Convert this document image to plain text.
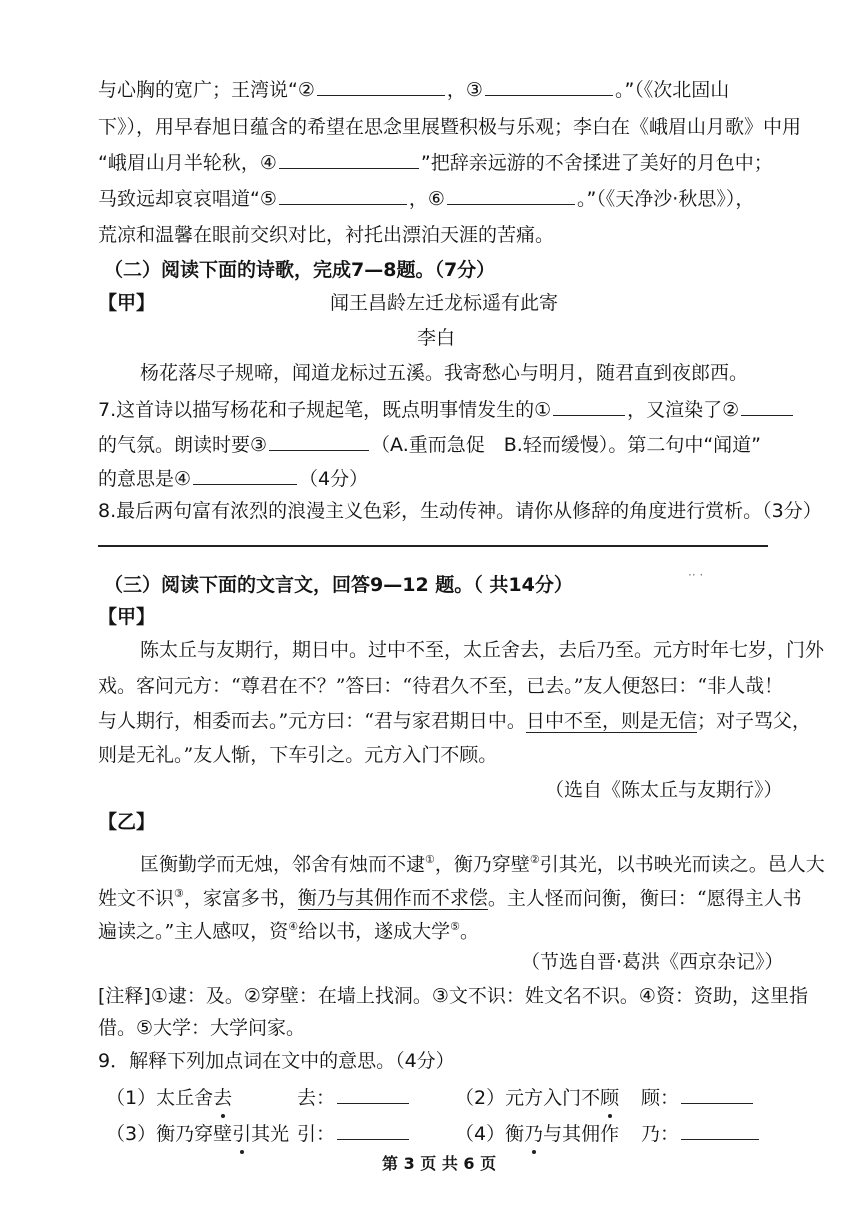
与心胸的宽广；王湾说“②	，③	。”（《次北固山
下》），用早春旭日蕴含的希望在思念里展暨积极与乐观；李白在《峨眉山月歌》中用
“峨眉山月半轮秋，④	”把辞亲远游的不舍揉进了美好的月色中；
马致远却哀哀唱道“⑤	，⑥	。”（《天净沙·秋思》），
荒凉和温馨在眼前交织对比，衬托出漂泊天涯的苦痛。
（二）阅读下面的诗歌，完成7—8题。（7分）
【甲】	闻王昌龄左迁龙标遥有此寄
李白
杨花落尽子规啼，闻道龙标过五溪。我寄愁心与明月，随君直到夜郎西。
7.这首诗以描写杨花和子规起笔，既点明事情发生的①	，又渲染了②
的气氛。朗读时要③	（A.重而急促　B.轻而缓慢）。第二句中“闻道”
的意思是④	（4分）
8.最后两句富有浓烈的浪漫主义色彩，生动传神。请你从修辞的角度进行赏析。（3分）
·· ·
（三）阅读下面的文言文，回答9—12 题。（ 共14分）
【甲】
陈太丘与友期行，期日中。过中不至，太丘舍去，去后乃至。元方时年七岁，门外
戏。客问元方：“尊君在不？”答曰：“待君久不至，已去。”友人便怒曰：“非人哉！
与人期行，相委而去。”元方曰：“君与家君期日中。日中不至，则是无信；对子骂父，
则是无礼。”友人惭，下车引之。元方入门不顾。
（选自《陈太丘与友期行》）
【乙】
匡衡勤学而无烛，邻舍有烛而不逮①，衡乃穿壁②引其光，以书映光而读之。邑人大
姓文不识③，家富多书，衡乃与其佣作而不求偿。主人怪而问衡，衡曰：“愿得主人书
遍读之。”主人感叹，资④给以书，遂成大学⑤。
（节选自晋·葛洪《西京杂记》）
[注释]①逮：及。②穿壁：在墙上找洞。③文不识：姓文名不识。④资：资助，这里指
借。⑤大学：大学问家。
9．解释下列加点词在文中的意思。（4分）
（1）太丘舍去	去：	（2）元方入门不顾 顾：
（3）衡乃穿壁引其光 引：	（4）衡乃与其佣作 乃：
第 3 页 共 6 页
